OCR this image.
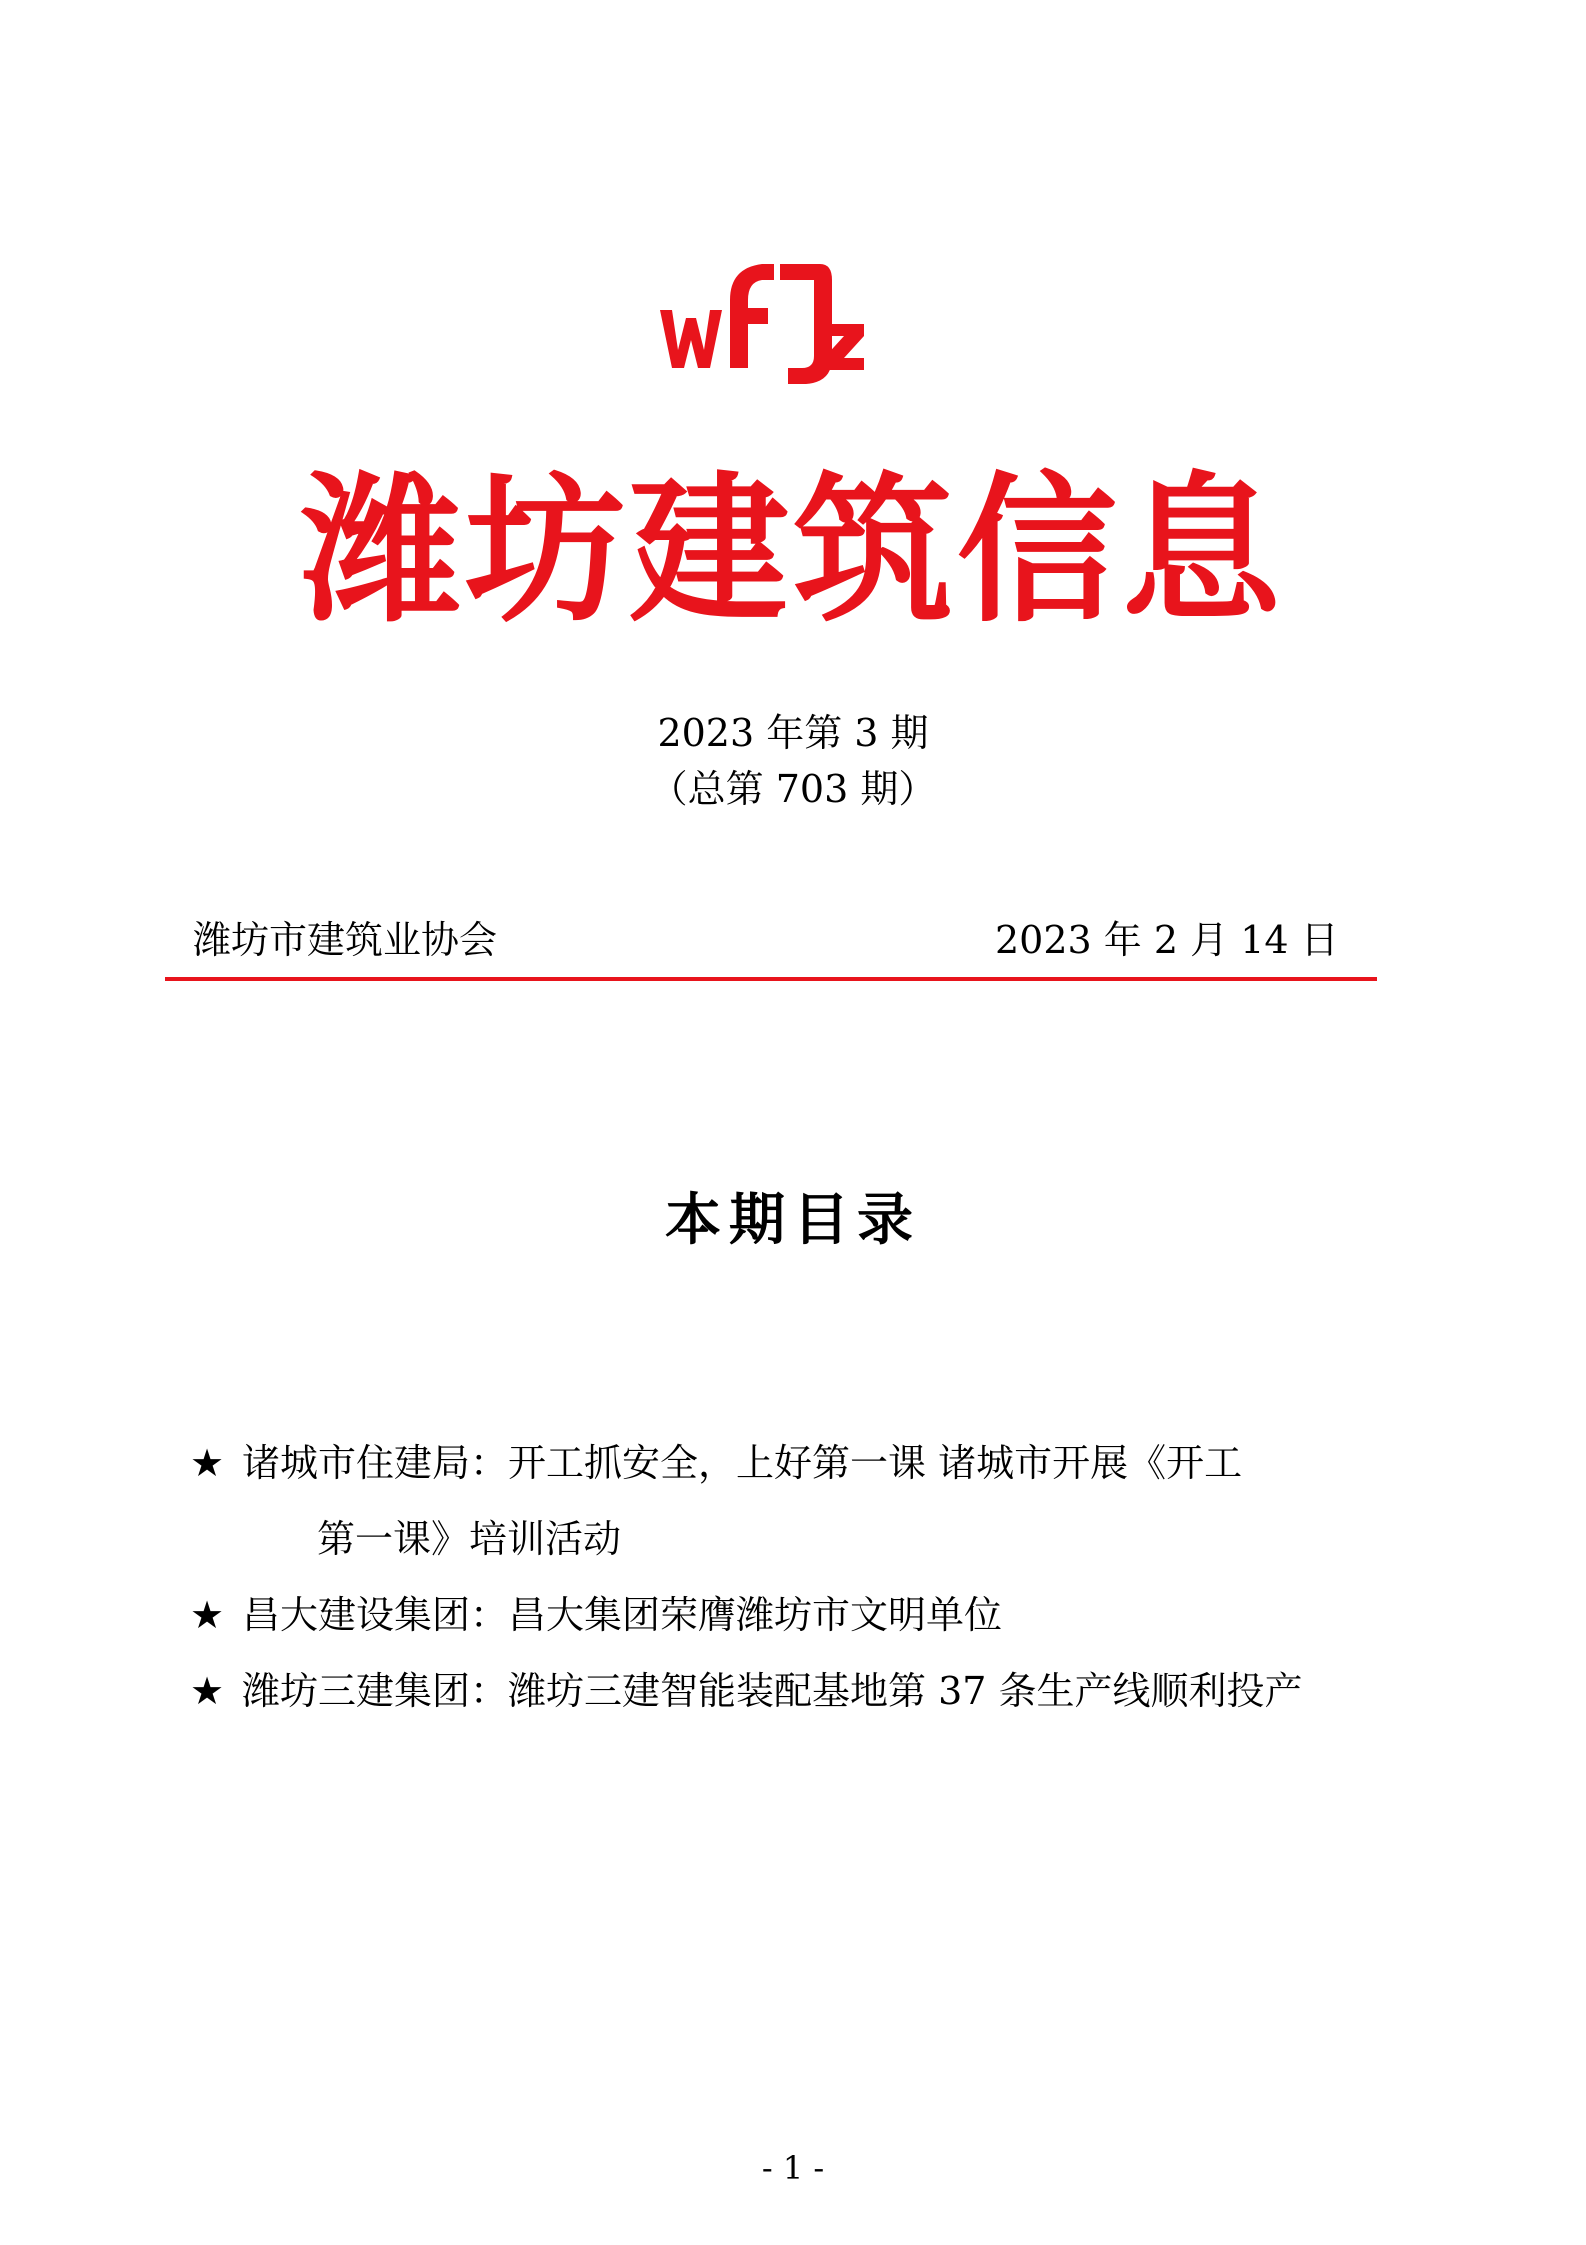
潍坊建筑信息
2023 年第 3 期
（总第 703 期）
潍坊市建筑业协会	2023 年 2 月 14 日
本期目录
★ 诸城市住建局：开工抓安全，上好第一课 诸城市开展《开工
第一课》培训活动
★ 昌大建设集团：昌大集团荣膺潍坊市文明单位
★ 潍坊三建集团：潍坊三建智能装配基地第 37 条生产线顺利投产
- 1 -
